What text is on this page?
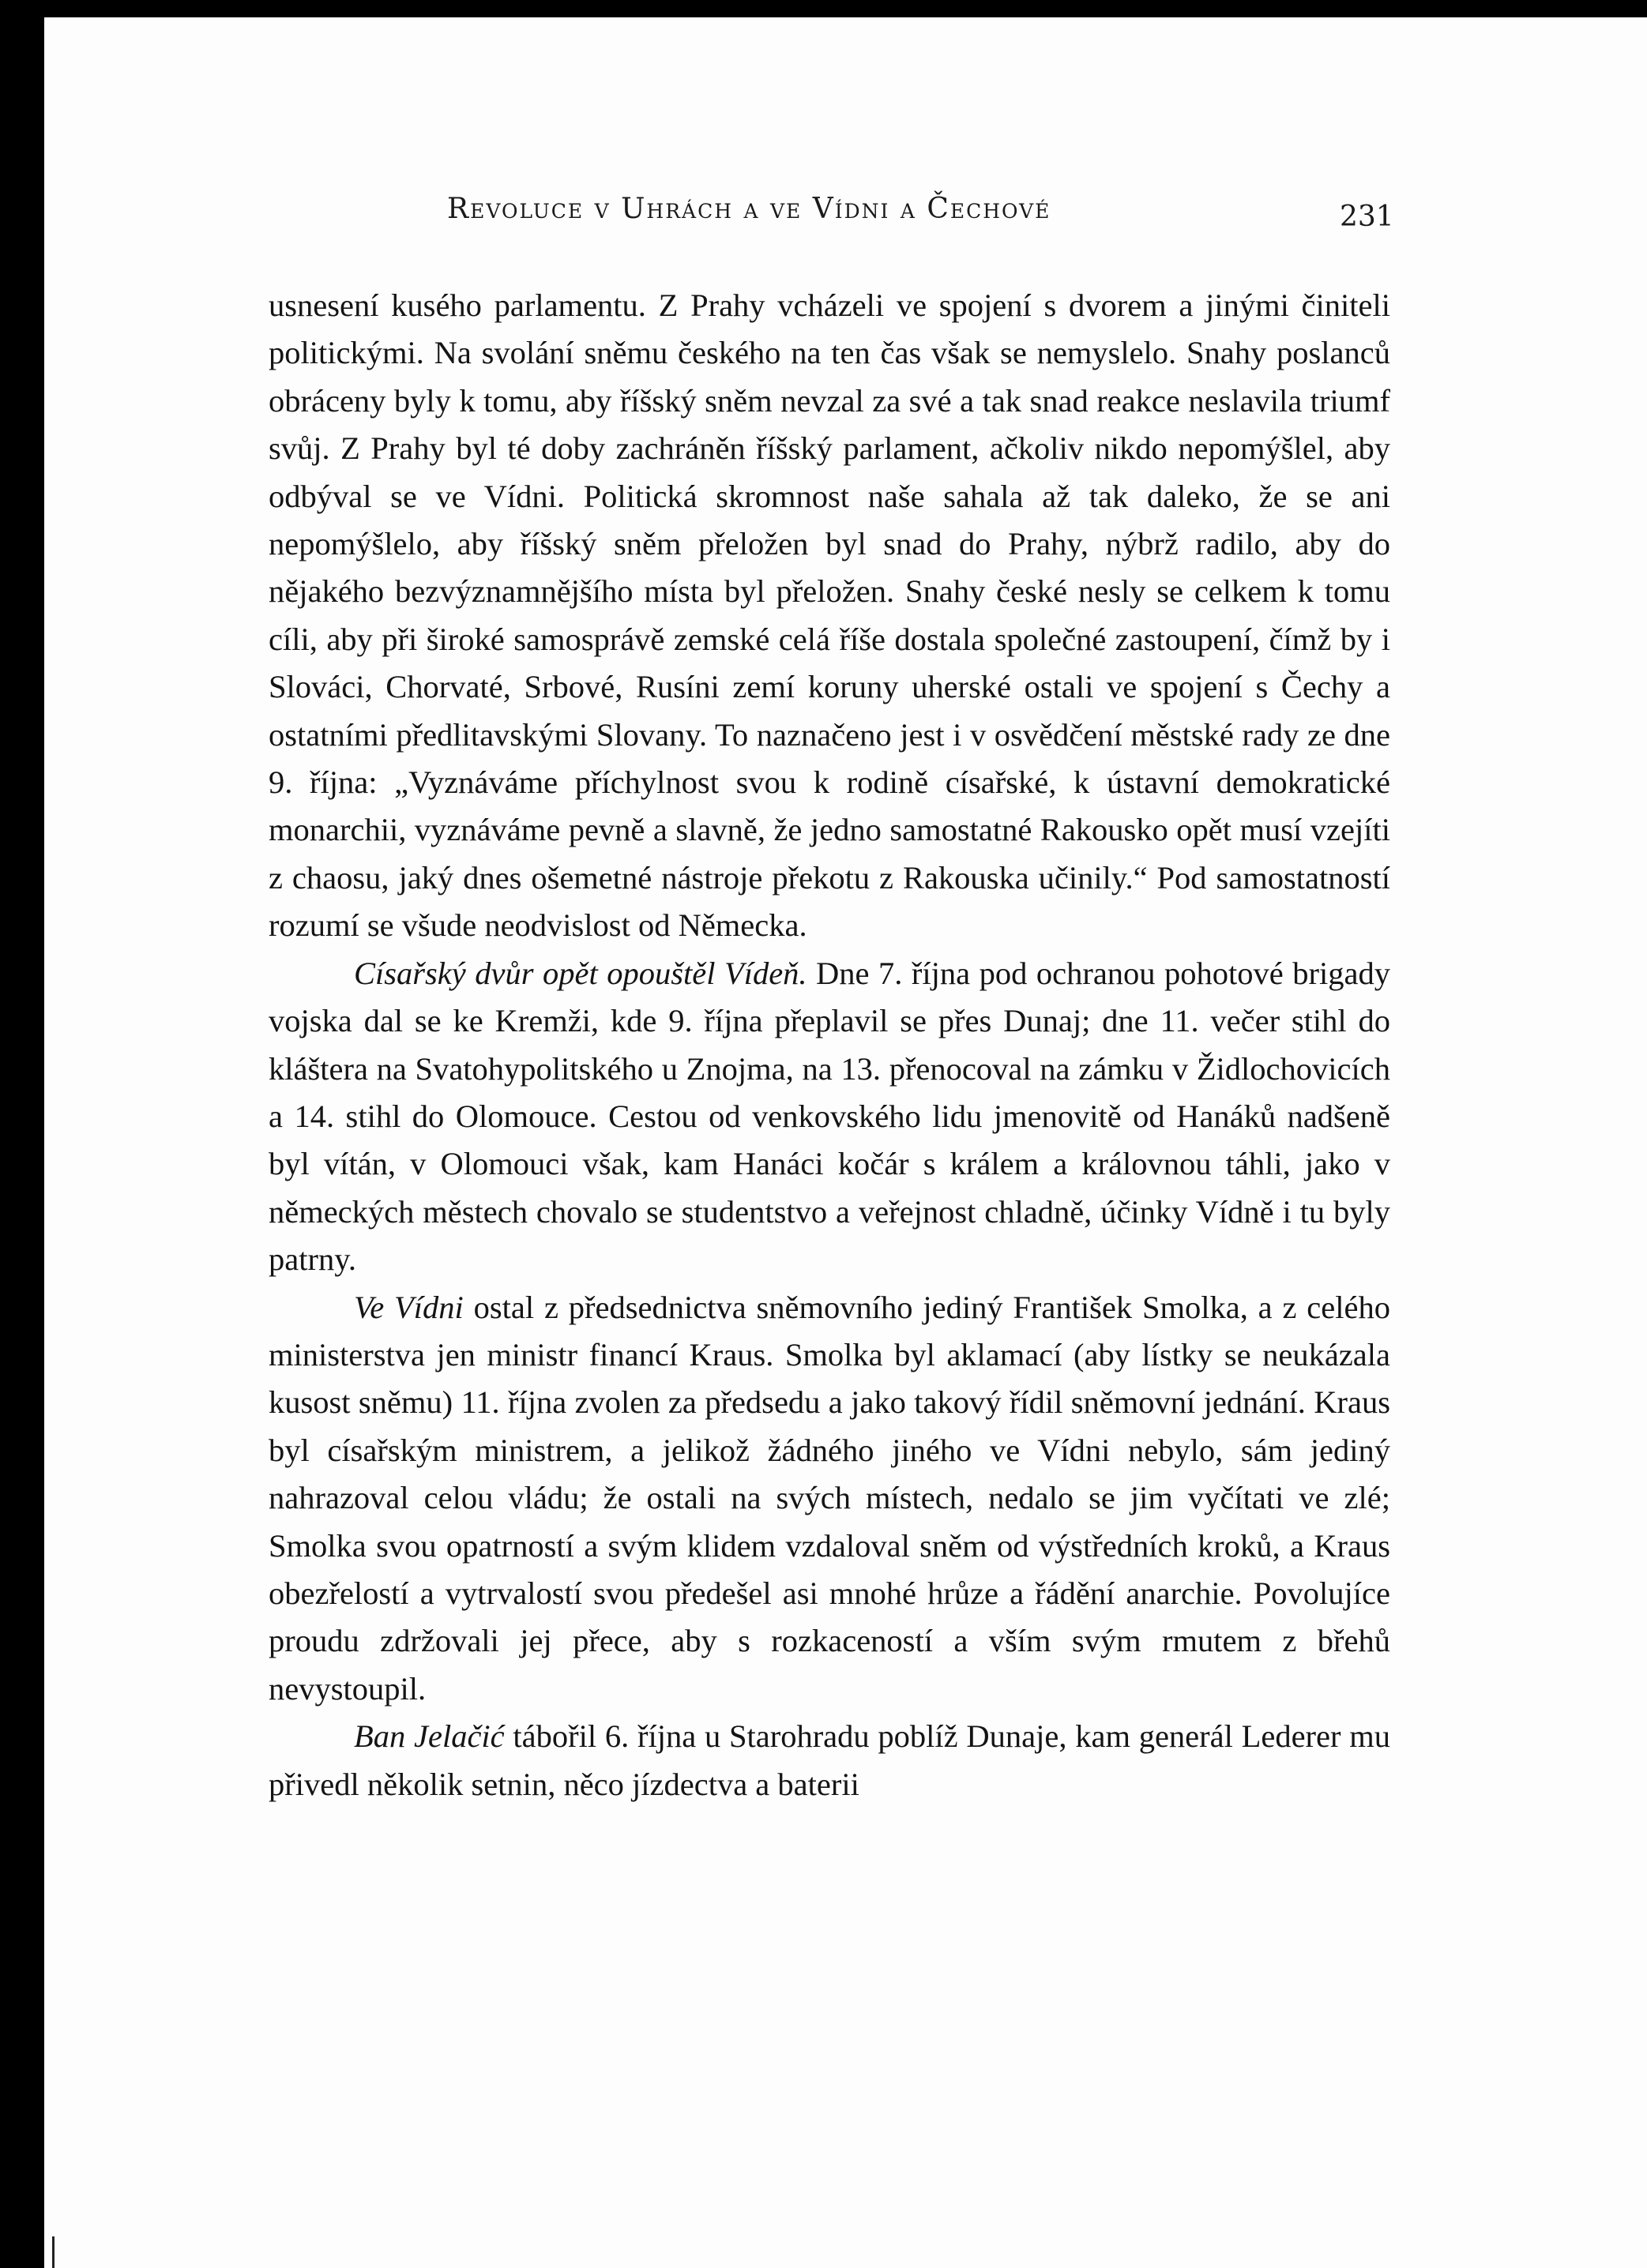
Revoluce v Uhrách a ve Vídni a Čechové	231

usnesení kusého parlamentu. Z Prahy vcházeli ve spojení s dvorem a jinými činiteli politickými. Na svolání sněmu českého na ten čas však se nemyslelo. Snahy poslanců obráceny byly k tomu, aby říšský sněm nevzal za své a tak snad reakce neslavila triumf svůj. Z Prahy byl té doby zachráněn říšský parlament, ačkoliv nikdo nepomýšlel, aby odbýval se ve Vídni. Politická skromnost naše sahala až tak daleko, že se ani nepomýšlelo, aby říšský sněm přeložen byl snad do Prahy, nýbrž radilo, aby do nějakého bezvýznamnějšího místa byl přeložen. Snahy české nesly se celkem k tomu cíli, aby při široké samosprávě zemské celá říše dostala společné zastoupení, čímž by i Slováci, Chorvaté, Srbové, Rusíni zemí koruny uherské ostali ve spojení s Čechy a ostatními předlitavskými Slovany. To naznačeno jest i v osvědčení městské rady ze dne 9. října: „Vyznáváme příchylnost svou k rodině císařské, k ústavní demokratické monarchii, vyznáváme pevně a slavně, že jedno samostatné Rakousko opět musí vzejíti z chaosu, jaký dnes ošemetné nástroje překotu z Rakouska učinily.“ Pod samostatností rozumí se všude neodvislost od Německa.

Císařský dvůr opět opouštěl Vídeň. Dne 7. října pod ochranou pohotové brigady vojska dal se ke Kremži, kde 9. října přeplavil se přes Dunaj; dne 11. večer stihl do kláštera na Svatohypolitského u Znojma, na 13. přenocoval na zámku v Židlochovicích a 14. stihl do Olomouce. Cestou od venkovského lidu jmenovitě od Hanáků nadšeně byl vítán, v Olomouci však, kam Hanáci kočár s králem a královnou táhli, jako v německých městech chovalo se studentstvo a veřejnost chladně, účinky Vídně i tu byly patrny.

Ve Vídni ostal z předsednictva sněmovního jediný František Smolka, a z celého ministerstva jen ministr financí Kraus. Smolka byl aklamací (aby lístky se neukázala kusost sněmu) 11. října zvolen za předsedu a jako takový řídil sněmovní jednání. Kraus byl císařským ministrem, a jelikož žádného jiného ve Vídni nebylo, sám jediný nahrazoval celou vládu; že ostali na svých místech, nedalo se jim vyčítati ve zlé; Smolka svou opatrností a svým klidem vzdaloval sněm od výstředních kroků, a Kraus obezřelostí a vytrvalostí svou předešel asi mnohé hrůze a řádění anarchie. Povolujíce proudu zdržovali jej přece, aby s rozkaceností a vším svým rmutem z břehů nevystoupil.

Ban Jelačić tábořil 6. října u Starohradu poblíž Dunaje, kam generál Lederer mu přivedl několik setnin, něco jízdectva a baterii
